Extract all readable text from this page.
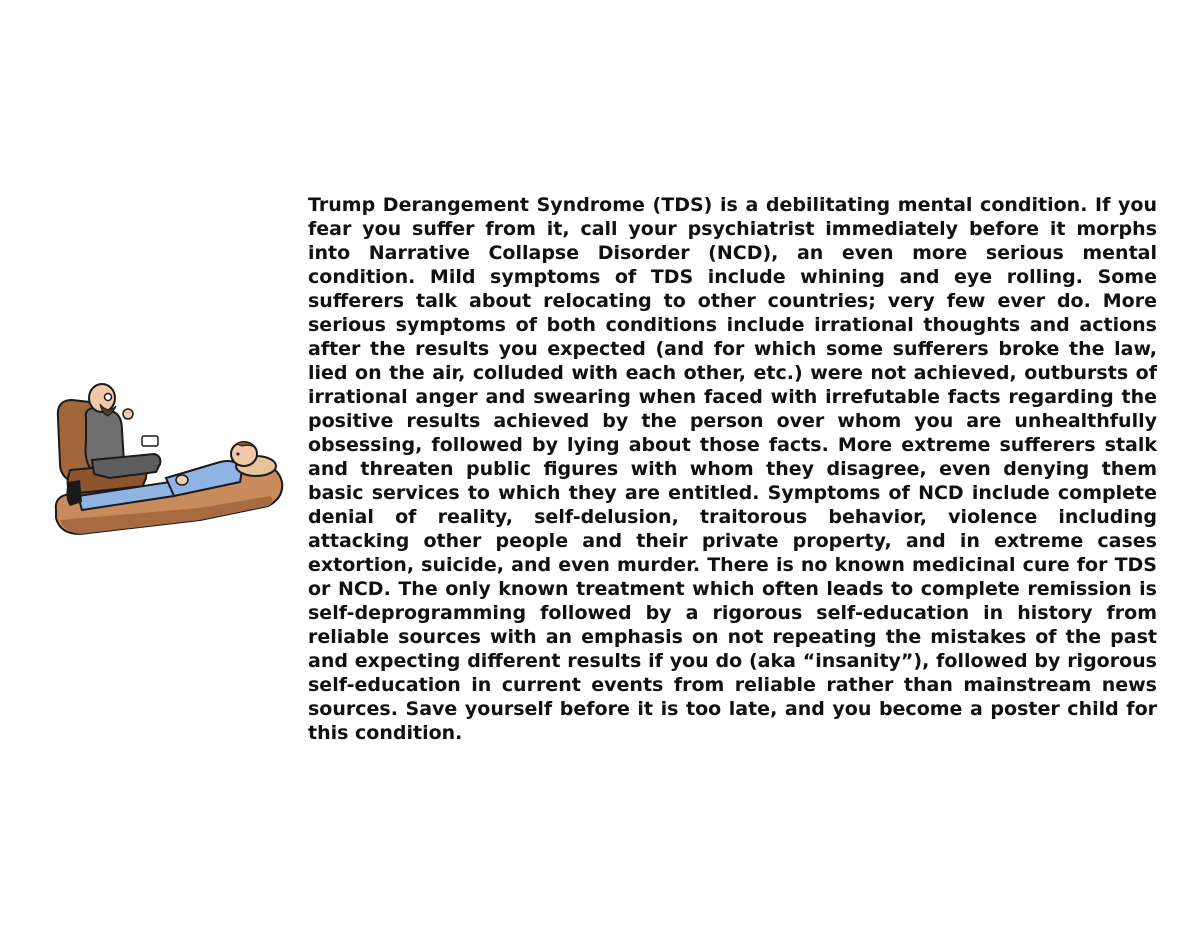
Trump Derangement Syndrome (TDS) is a debilitating mental condition. If you fear you suffer from it, call your psychiatrist immediately before it morphs into Narrative Collapse Disorder (NCD), an even more serious mental condition. Mild symptoms of TDS include whining and eye rolling. Some sufferers talk about relocating to other countries; very few ever do. More serious symptoms of both conditions include irrational thoughts and actions after the results you expected (and for which some sufferers broke the law, lied on the air, colluded with each other, etc.) were not achieved, outbursts of irrational anger and swearing when faced with irrefutable facts regarding the positive results achieved by the person over whom you are unhealthfully obsessing, followed by lying about those facts. More extreme sufferers stalk and threaten public figures with whom they disagree, even denying them basic services to which they are entitled. Symptoms of NCD include complete denial of reality, self-delusion, traitorous behavior, violence including attacking other people and their private property, and in extreme cases extortion, suicide, and even murder. There is no known medicinal cure for TDS or NCD. The only known treatment which often leads to complete remission is self-deprogramming followed by a rigorous self-education in history from reliable sources with an emphasis on not repeating the mistakes of the past and expecting different results if you do (aka “insanity”), followed by rigorous self-education in current events from reliable rather than mainstream news sources. Save yourself before it is too late, and you become a poster child for this condition.
